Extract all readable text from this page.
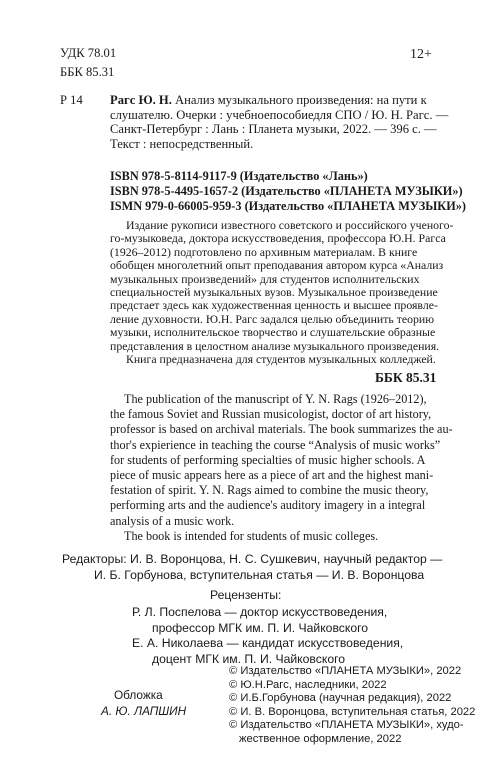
УДК 78.01
ББК 85.31
12+
Р 14 Рагс Ю. Н. Анализ музыкального произведения: на пути к
слушателю. Очерки : учебноепособиедля СПО / Ю. Н. Рагс. —
Санкт-Петербург : Лань : Планета музыки, 2022. — 396 с. —
Текст : непосредственный.
ISBN 978-5-8114-9117-9 (Издательство «Лань»)
ISBN 978-5-4495-1657-2 (Издательство «ПЛАНЕТА МУЗЫКИ»)
ISMN 979-0-66005-959-3 (Издательство «ПЛАНЕТА МУЗЫКИ»)
Издание рукописи известного советского и российского ученого-
го-музыковеда, доктора искусствоведения, профессора Ю.Н. Рагса
(1926–2012) подготовлено по архивным материалам. В книге
обобщен многолетний опыт преподавания автором курса «Анализ
музыкальных произведений» для студентов исполнительских
специальностей музыкальных вузов. Музыкальное произведение
предстает здесь как художественная ценность и высшее проявле-
ление духовности. Ю.Н. Рагс задался целью объединить теорию
музыки, исполнительское творчество и слушательские образные
представления в целостном анализе музыкального произведения.
Книга предназначена для студентов музыкальных колледжей.
ББК 85.31
The publication of the manuscript of Y. N. Rags (1926–2012),
the famous Soviet and Russian musicologist, doctor of art history,
professor is based on archival materials. The book summarizes the au-
thor's expierience in teaching the course “Analysis of music works”
for students of performing specialties of music higher schools. A
piece of music appears here as a piece of art and the highest mani-
festation of spirit. Y. N. Rags aimed to combine the music theory,
performing arts and the audience's auditory imagery in a integral
analysis of a music work.
The book is intended for students of music colleges.
Редакторы: И. В. Воронцова, Н. С. Сушкевич, научный редактор —
И. Б. Горбунова, вступительная статья — И. В. Воронцова
Рецензенты:
Р. Л. Поспелова — доктор искусствоведения,
профессор МГК им. П. И. Чайковского
Е. А. Николаева — кандидат искусствоведения,
доцент МГК им. П. И. Чайковского
Обложка
А. Ю. ЛАПШИН
© Издательство «ПЛАНЕТА МУЗЫКИ», 2022
© Ю.Н.Рагс, наследники, 2022
© И.Б.Горбунова (научная редакция), 2022
© И. В. Воронцова, вступительная статья, 2022
© Издательство «ПЛАНЕТА МУЗЫКИ», худо-
жественное оформление, 2022
